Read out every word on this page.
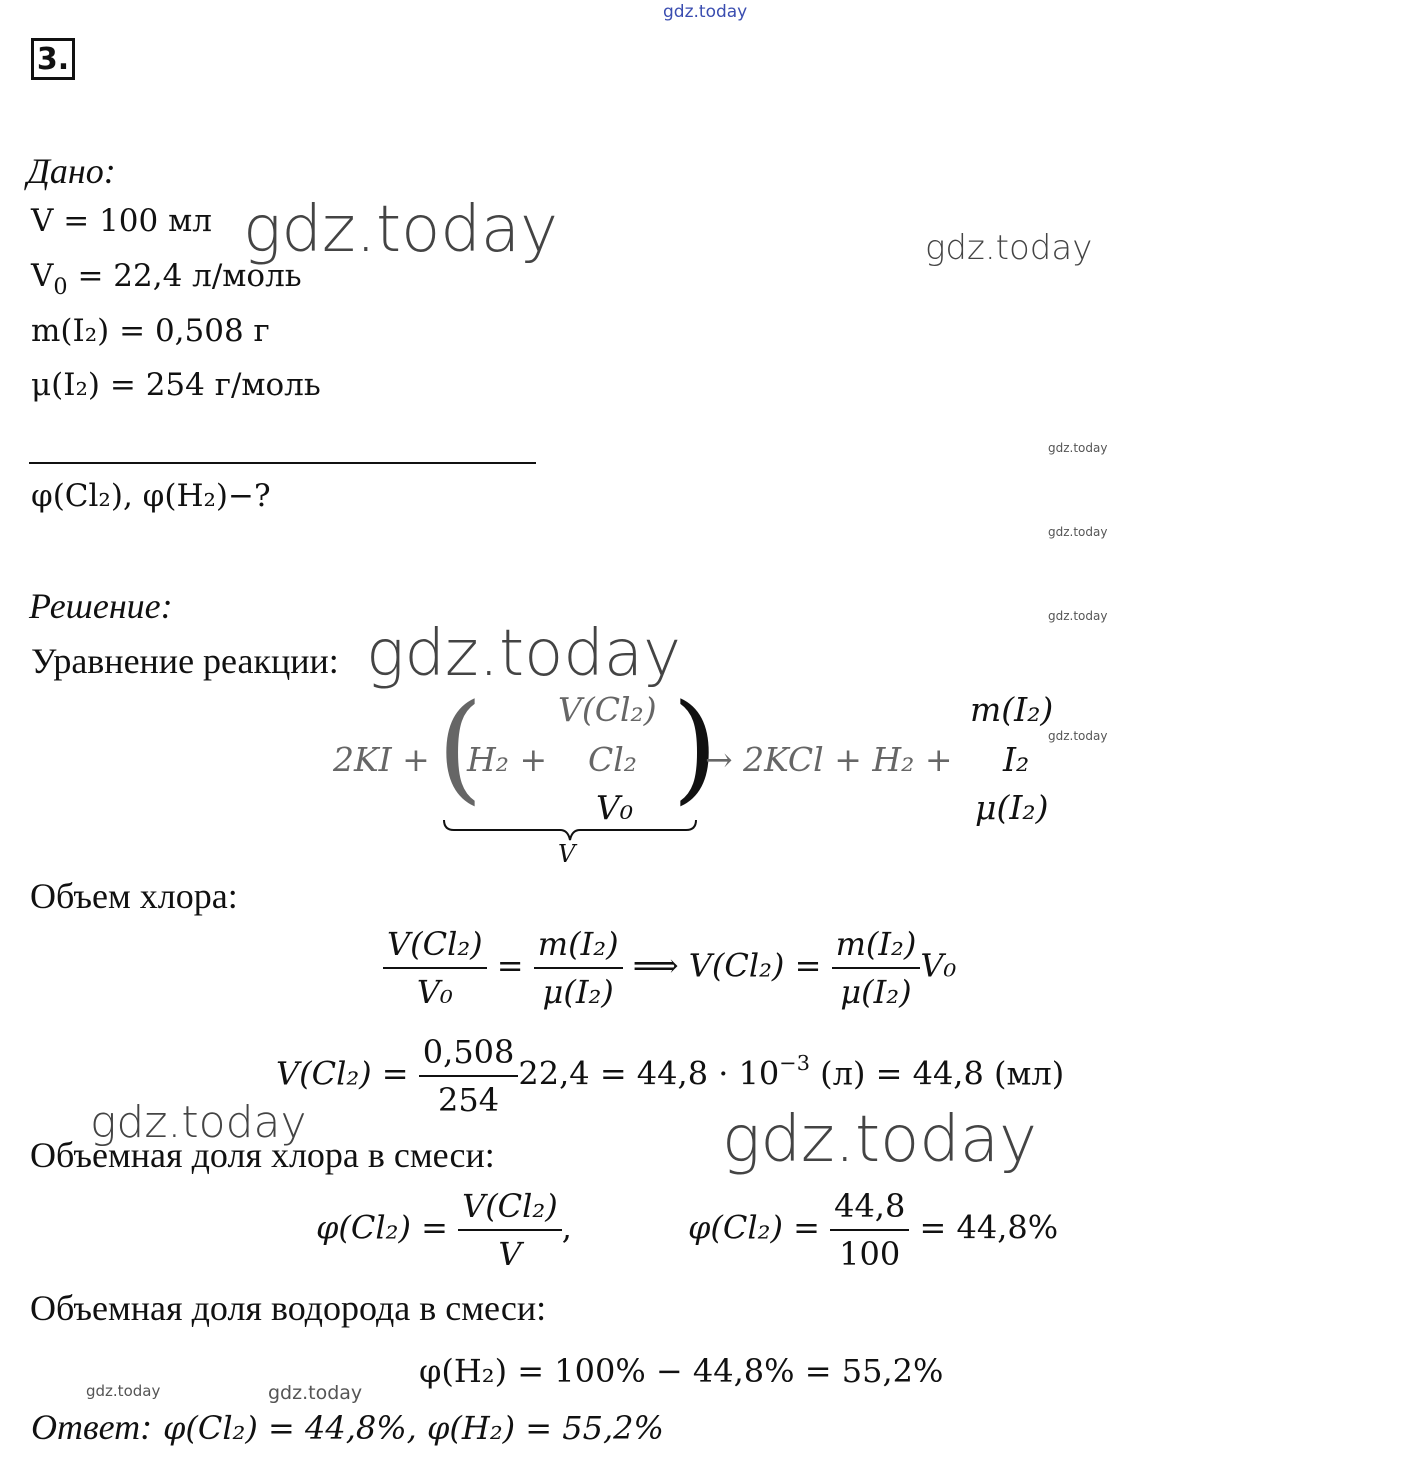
gdz.today
gdz.today	gdz.today
gdz.today
gdz.today
gdz.today
gdz.today
gdz.today
gdz.today	gdz.today
gdz.today	gdz.today
3.
Дано:
V = 100 мл
$V_0 = 22,4$ л/моль
m(I₂) = 0,508 г
μ(I₂) = 254 г/моль
φ(Cl₂), φ(H₂)−?
Решение:
Уравнение реакции:
2KI + (
H₂ +
V(Cl₂)
Cl₂
V₀ )
V
→ 2KCl + H₂ +
m(I₂)
I₂
μ(I₂)
Объем хлора:
$\frac{\text{V(Cl₂)}}{\text{V₀}} = \frac{\text{m(I₂)}}{\text{μ(I₂)}}$ ⟹ $V(Cl_2) = \frac{\text{m(I₂)}}{\text{μ(I₂)}} V_0$
$V(Cl_2) = \frac{0,508}{254} 22,4 = 44,8 \cdot 10^{-3}$ (л) = 44,8 (мл)
Объемная доля хлора в смеси:
$\varphi(Cl_2) = \frac{\text{V(Cl₂)}}{V}$ ,	$\varphi(Cl_2) = \frac{44,8}{100} = 44,8\%$
Объемная доля водорода в смеси:
φ(H₂) = 100% − 44,8% = 55,2%
Ответ: φ(Cl₂) = 44,8%, φ(H₂) = 55,2%
